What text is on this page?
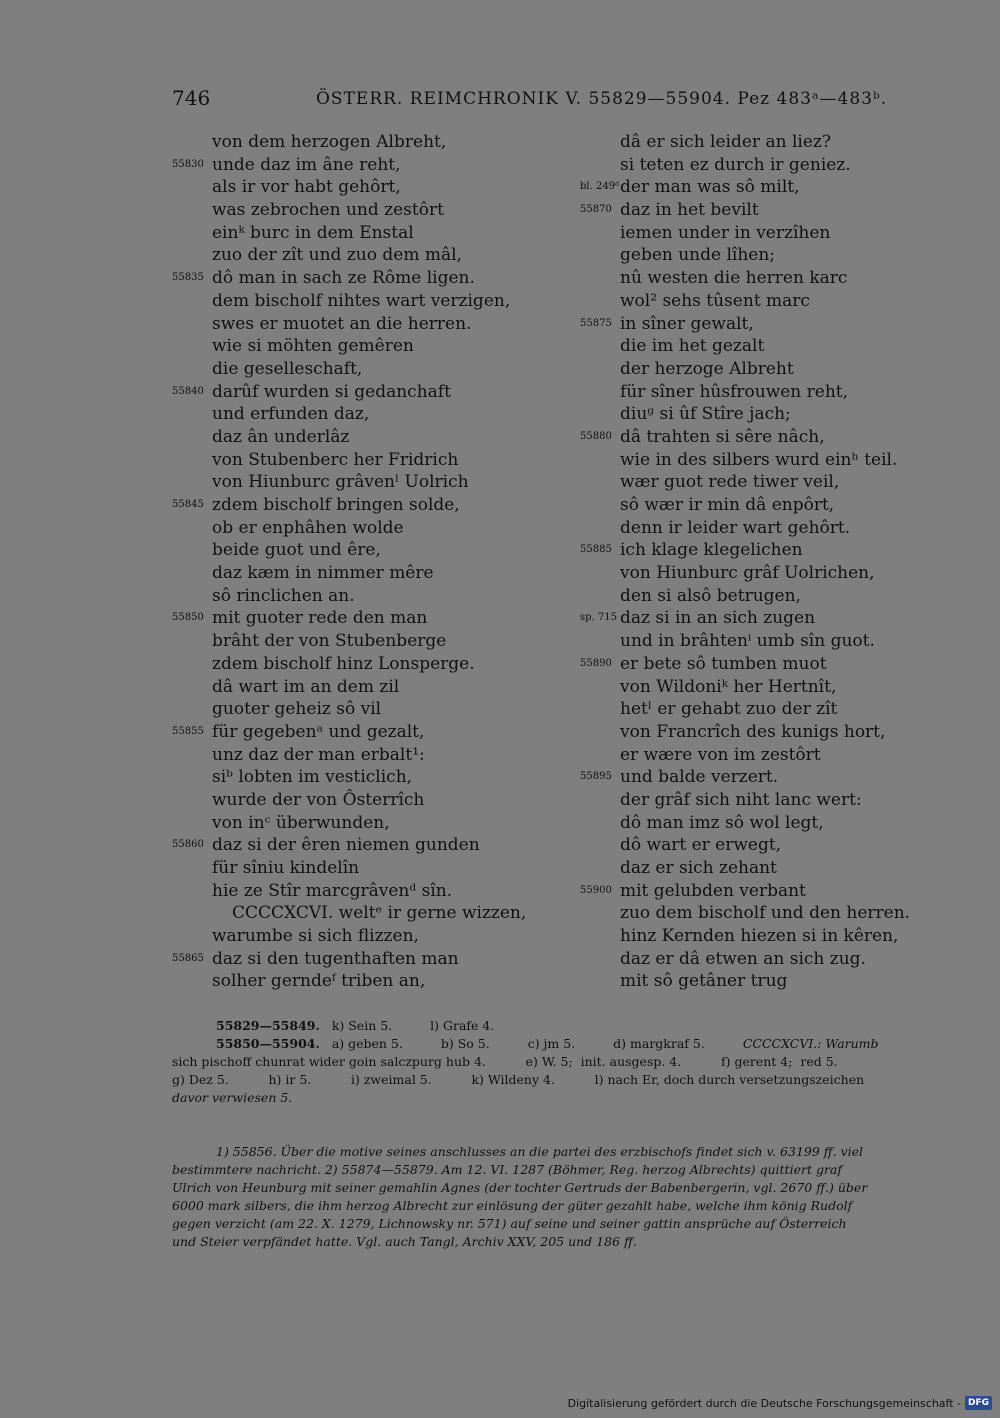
746	ÖSTERR. REIMCHRONIK V. 55829—55904. Pez 483ᵃ—483ᵇ.
von dem herzogen Albreht,
55830 unde daz im âne reht,
als ir vor habt gehôrt,
was zebrochen und zestôrt
einᵏ burc in dem Enstal
zuo der zît und zuo dem mâl,
55835 dô man in sach ze Rôme ligen.
dem bischolf nihtes wart verzigen,
swes er muotet an die herren.
wie si möhten gemêren
die geselleschaft,
55840 darûf wurden si gedanchaft
und erfunden daz,
daz ân underlâz
von Stubenberc her Fridrich
von Hiunburc grâvenˡ Uolrich
55845 zdem bischolf bringen solde,
ob er enphâhen wolde
beide guot und êre,
daz kæm in nimmer mêre
sô rinclichen an.
55850 mit guoter rede den man
brâht der von Stubenberge
zdem bischolf hinz Lonsperge.
dâ wart im an dem zil
guoter geheiz sô vil
55855 für gegebenᵃ und gezalt,
unz daz der man erbalt¹:
siᵇ lobten im vesticlich,
wurde der von Ôsterrîch
von inᶜ überwunden,
55860 daz si der êren niemen gunden
für sîniu kindelîn
hie ze Stîr marcgrâvenᵈ sîn.
CCCCXCVI. weltᵉ ir gerne wizzen,
warumbe si sich flizzen,
55865 daz si den tugenthaften man
solher gerndeᶠ triben an,
dâ er sich leider an liez?
si teten ez durch ir geniez.
bl. 249ᵈ der man was sô milt,
55870 daz in het bevilt
iemen under in verzîhen
geben unde lîhen;
nû westen die herren karc
wol² sehs tûsent marc
55875 in sîner gewalt,
die im het gezalt
der herzoge Albreht
für sîner hûsfrouwen reht,
diuᵍ si ûf Stîre jach;
55880 dâ trahten si sêre nâch,
wie in des silbers wurd einʰ teil.
wær guot rede tiwer veil,
sô wær ir min dâ enpôrt,
denn ir leider wart gehôrt.
55885 ich klage klegelichen
von Hiunburc grâf Uolrichen,
den si alsô betrugen,
sp. 715 daz si in an sich zugen
und in brâhtenⁱ umb sîn guot.
55890 er bete sô tumben muot
von Wildoniᵏ her Hertnît,
hetˡ er gehabt zuo der zît
von Francrîch des kunigs hort,
er wære von im zestôrt
55895 und balde verzert.
der grâf sich niht lanc wert:
dô man imz sô wol legt,
dô wart er erwegt,
daz er sich zehant
55900 mit gelubden verbant
zuo dem bischolf und den herren.
hinz Kernden hiezen si in kêren,
daz er dâ etwen an sich zug.
mit sô getâner trug
55829—55849. k) Sein 5.	l) Grafe 4.
55850—55904. a) geben 5.	b) So 5.	c) jm 5.	d) margkraf 5.	CCCCXCVI.: Warumb
sich pischoff chunrat wider goin salczpurg hub 4.          e) W. 5;  init. ausgesp. 4.          f) gerent 4;  red 5.
g) Dez 5.          h) ir 5.          i) zweimal 5.          k) Wildeny 4.          l) nach Er, doch durch versetzungszeichen
davor verwiesen 5.
1) 55856. Über die motive seines anschlusses an die partei des erzbischofs findet sich v. 63199 ff. viel
bestimmtere nachricht. 2) 55874—55879. Am 12. VI. 1287 (Böhmer, Reg. herzog Albrechts) quittiert graf
Ulrich von Heunburg mit seiner gemahlin Agnes (der tochter Gertruds der Babenbergerin, vgl. 2670 ff.) über
6000 mark silbers, die ihm herzog Albrecht zur einlösung der güter gezahlt habe, welche ihm könig Rudolf
gegen verzicht (am 22. X. 1279, Lichnowsky nr. 571) auf seine und seiner gattin ansprüche auf Österreich
und Steier verpfändet hatte. Vgl. auch Tangl, Archiv XXV, 205 und 186 ff.
Digitalisierung gefördert durch die Deutsche Forschungsgemeinschaft - DFG
